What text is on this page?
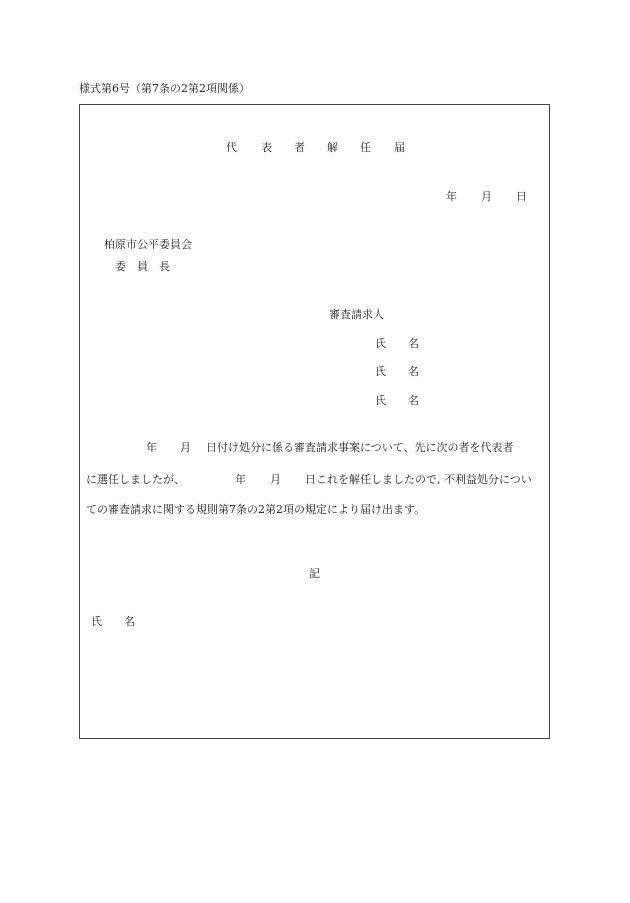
様式第6号（第7条の2第2項関係）
代 表 者 解 任 届
年 月 日
柏原市公平委員会
委　員　長
審査請求人
氏　　名
氏　　名
氏　　名
年 月 日付け処分に係る審査請求事案について、先に次の者を代表者
に選任しましたが、	年 月 日これを解任しましたので, 不利益処分につい
ての審査請求に関する規則第7条の2第2項の規定により届け出ます。
記
氏　　名
